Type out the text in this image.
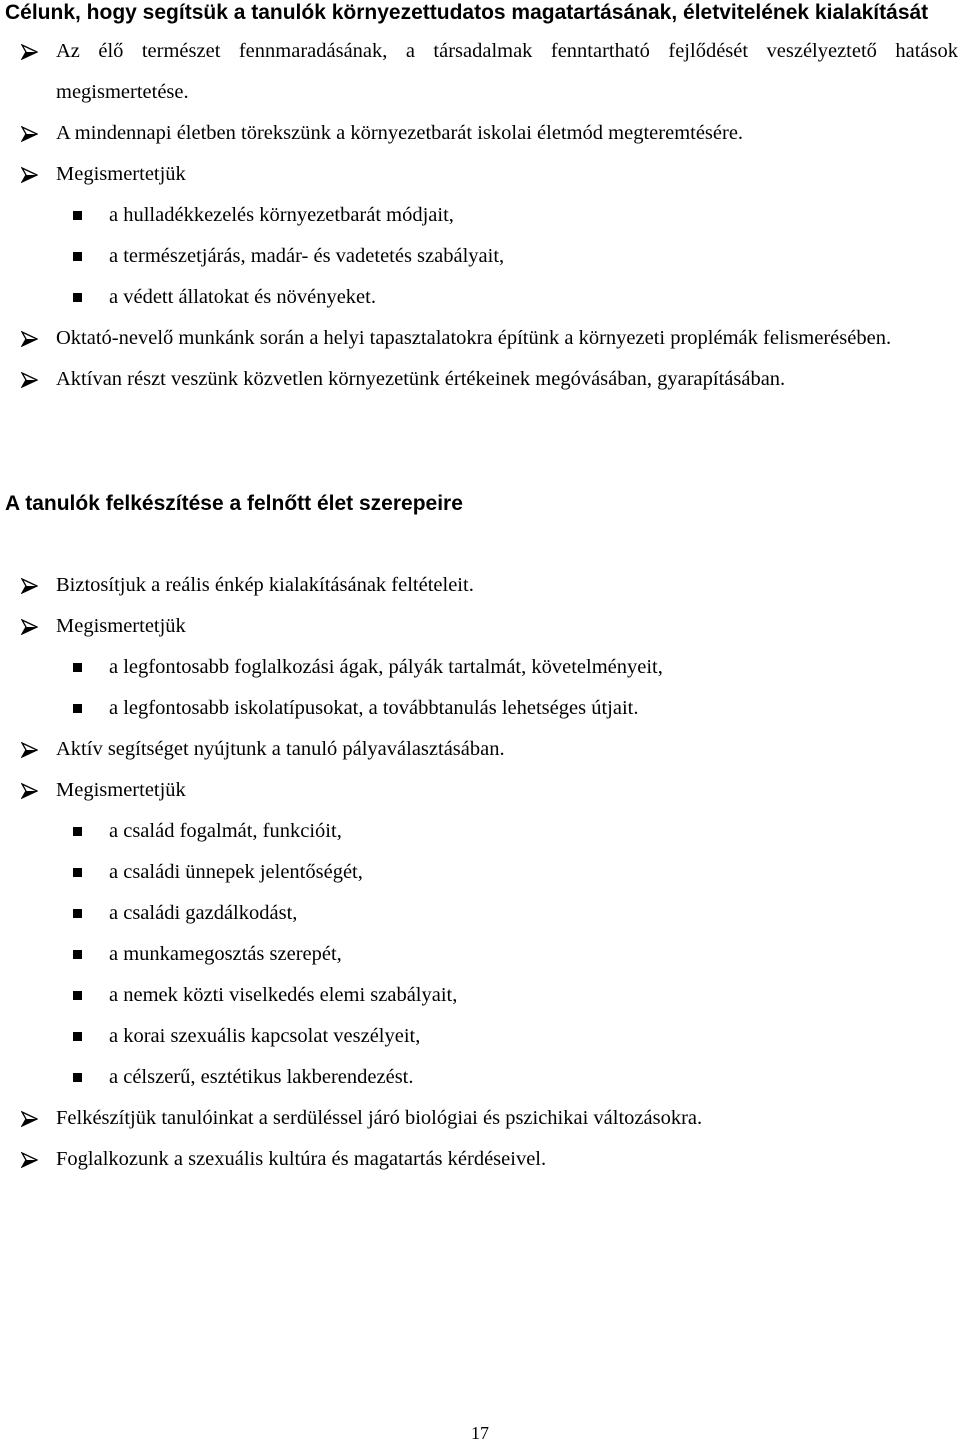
Célunk, hogy segítsük a tanulók környezettudatos magatartásának, életvitelének kialakítását
Az élő természet fennmaradásának, a társadalmak fenntartható fejlődését veszélyeztető hatások megismertetése.
A mindennapi életben törekszünk a környezetbarát iskolai életmód megteremtésére.
Megismertetjük
a hulladékkezelés környezetbarát módjait,
a természetjárás, madár- és vadetetés szabályait,
a védett állatokat és növényeket.
Oktató-nevelő munkánk során a helyi tapasztalatokra építünk a környezeti proplémák felismerésében.
Aktívan részt veszünk közvetlen környezetünk értékeinek megóvásában, gyarapításában.
A tanulók felkészítése a felnőtt élet szerepeire
Biztosítjuk a reális énkép kialakításának feltételeit.
Megismertetjük
a legfontosabb foglalkozási ágak, pályák tartalmát, követelményeit,
a legfontosabb iskolatípusokat, a továbbtanulás lehetséges útjait.
Aktív segítséget nyújtunk a tanuló pályaválasztásában.
Megismertetjük
a család fogalmát, funkcióit,
a családi ünnepek jelentőségét,
a családi gazdálkodást,
a munkamegosztás szerepét,
a nemek közti viselkedés elemi szabályait,
a korai szexuális kapcsolat veszélyeit,
a célszerű, esztétikus lakberendezést.
Felkészítjük tanulóinkat a serdüléssel járó biológiai és pszichikai változásokra.
Foglalkozunk a szexuális kultúra és magatartás kérdéseivel.
17
